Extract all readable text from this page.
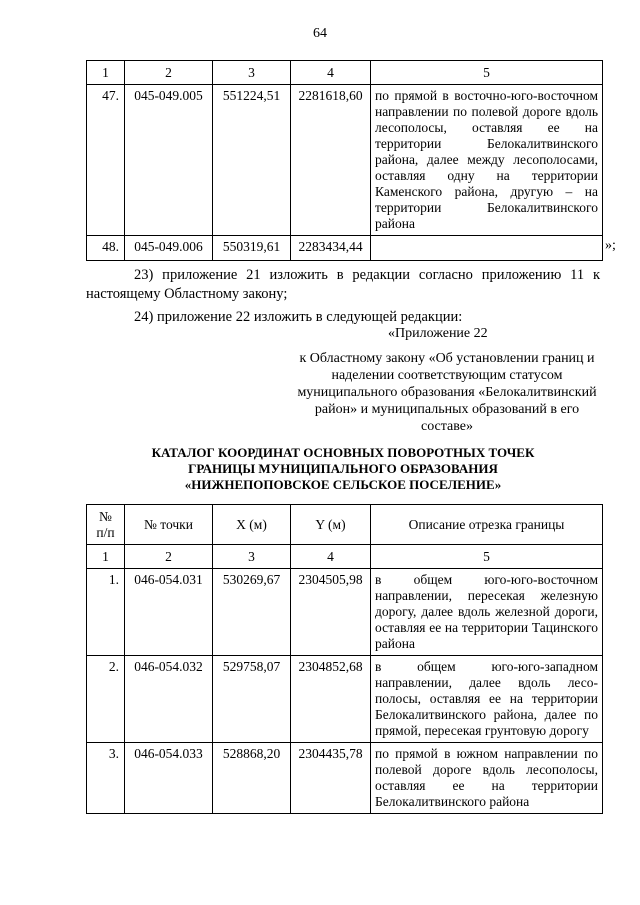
64
1	2	3	4	5
47.	045-049.005	551224,51	2281618,60	по прямой в восточно-юго-восточном направлении по полевой дороге вдоль лесополосы, оставляя ее на территории Белокалитвинского района, далее между лесополосами, оставляя одну на территории Каменского района, другую – на территории Белокалитвинского района
48.	045-049.006	550319,61	2283434,44		»;
23) приложение 21 изложить в редакции согласно приложению 11 к настоящему Областному закону;
24) приложение 22 изложить в следующей редакции:
«Приложение 22
к Областному закону «Об установлении границ и наделении соответствующим статусом муниципального образования «Белокалитвинский район» и муниципальных образований в его составе»
КАТАЛОГ КООРДИНАТ ОСНОВНЫХ ПОВОРОТНЫХ ТОЧЕК
ГРАНИЦЫ МУНИЦИПАЛЬНОГО ОБРАЗОВАНИЯ
«НИЖНЕПОПОВСКОЕ СЕЛЬСКОЕ ПОСЕЛЕНИЕ»
№
п/п	№ точки	X (м)	Y (м)	Описание отрезка границы
1	2	3	4	5
1.	046-054.031	530269,67	2304505,98	в общем юго-юго-восточном направлении, пересекая железную дорогу, далее вдоль железной дороги, оставляя ее на территории Тацинского района
2.	046-054.032	529758,07	2304852,68	в общем юго-юго-западном направлении, далее вдоль лесополосы, оставляя ее на территории Белокалитвинского района, далее по прямой, пересекая грунтовую дорогу
3.	046-054.033	528868,20	2304435,78	по прямой в южном направлении по полевой дороге вдоль лесополосы, оставляя ее на территории Белокалитвинского района
